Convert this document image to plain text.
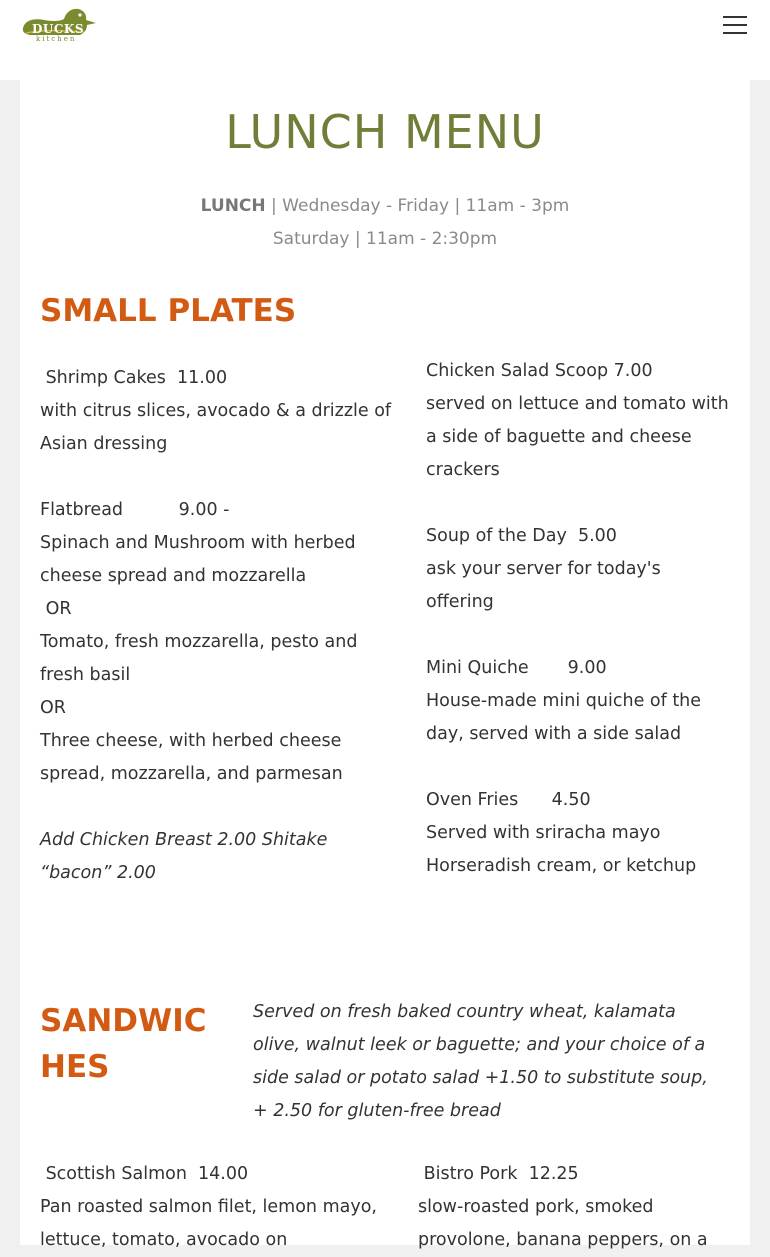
DUCKS
kitchen
LUNCH MENU
LUNCH | Wednesday - Friday | 11am - 3pm
Saturday | 11am - 2:30pm
SMALL PLATES

Shrimp Cakes  11.00

with citrus slices, avocado & a drizzle of Asian dressing

Flatbread          9.00 -

Spinach and Mushroom with herbed cheese spread and mozzarella

OR

Tomato, fresh mozzarella, pesto and fresh basil

OR

Three cheese, with herbed cheese spread, mozzarella, and parmesan

Add Chicken Breast 2.00 Shitake “bacon” 2.00

Chicken Salad Scoop 7.00

served on lettuce and tomato with a side of baguette and cheese crackers

Soup of the Day  5.00

ask your server for today's offering

Mini Quiche       9.00

House-made mini quiche of the day, served with a side salad

Oven Fries      4.50

Served with sriracha mayo

Horseradish cream, or ketchup

SANDWICHES
Served on fresh baked country wheat, kalamata olive, walnut leek or baguette; and your choice of a side salad or potato salad +1.50 to substitute soup, + 2.50 for gluten-free bread

Scottish Salmon  14.00

Pan roasted salmon filet, lemon mayo, lettuce, tomato, avocado on

Bistro Pork  12.25

slow-roasted pork, smoked provolone, banana peppers, on a
